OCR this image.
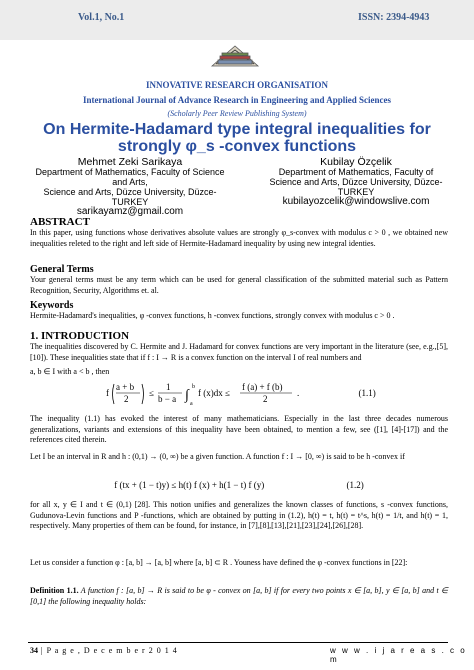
Vol.1, No.1	ISSN: 2394-4943
INNOVATIVE RESEARCH ORGANISATION
International Journal of Advance Research in Engineering and Applied Sciences
(Scholarly Peer Review Publishing System)
On Hermite-Hadamard type integral inequalities for
strongly φ_s -convex functions
Mehmet Zeki Sarikaya
Department of Mathematics, Faculty of Science and Arts,
Science and Arts, Düzce University, Düzce-TURKEY
sarikayamz@gmail.com
Kubilay Özçelik
Department of Mathematics, Faculty of
Science and Arts, Düzce University, Düzce-TURKEY
kubilayozcelik@windowslive.com
ABSTRACT
In this paper, using functions whose derivatives absolute values are strongly φ_s-convex with modulus c > 0 , we obtained new inequalities releted to the right and left side of Hermite-Hadamard inequality by using new integral identies.
General Terms
Your general terms must be any term which can be used for general classification of the submitted material such as Pattern Recognition, Security, Algorithms et. al.
Keywords
Hermite-Hadamard's inequalities, φ -convex functions, h -convex functions, strongly convex with modulus c > 0 .
1. INTRODUCTION
The inequalities discovered by C. Hermite and J. Hadamard for convex functions are very important in the literature (see, e.g.,[5],[10]). These inequalities state that if f : I → R is a convex function on the interval I of real numbers and
a, b ∈ I with a < b , then
f
a + b
2
≤
1
b − a ∫
b
a
f (x)dx ≤
f (a) + f (b)
2
.	(1.1)
The inequality (1.1) has evoked the interest of many mathematicians. Especially in the last three decades numerous generalizations, variants and extensions of this inequality have been obtained, to mention a few, see ([1], [4]-[17]) and the references cited therein.
Let I be an interval in R and h : (0,1) → (0, ∞) be a given function. A function f : I → [0, ∞) is said to be h -convex if
f (tx + (1 − t)y) ≤ h(t) f (x) + h(1 − t) f (y)	(1.2)
for all x, y ∈ I and t ∈ (0,1) [28]. This notion unifies and generalizes the known classes of functions, s -convex functions, Gudunova-Levin functions and P -functions, which are obtained by putting in (1.2), h(t) = t, h(t) = t^s, h(t) = 1/t, and h(t) = 1, respectively. Many properties of them can be found, for instance, in [7],[8],[13],[21],[23],[24],[26],[28].
Let us consider a function φ : [a, b] → [a, b] where [a, b] ⊂ R . Youness have defined the φ -convex functions in [22]:
Definition 1.1. A function f : [a, b] → R is said to be φ - convex on [a, b] if for every two points x ∈ [a, b], y ∈ [a, b] and t ∈ [0,1] the following inequality holds:
34 | P a g e , D e c e m b e r 2 0 1 4	w w w . i j a r e a s . c o m
